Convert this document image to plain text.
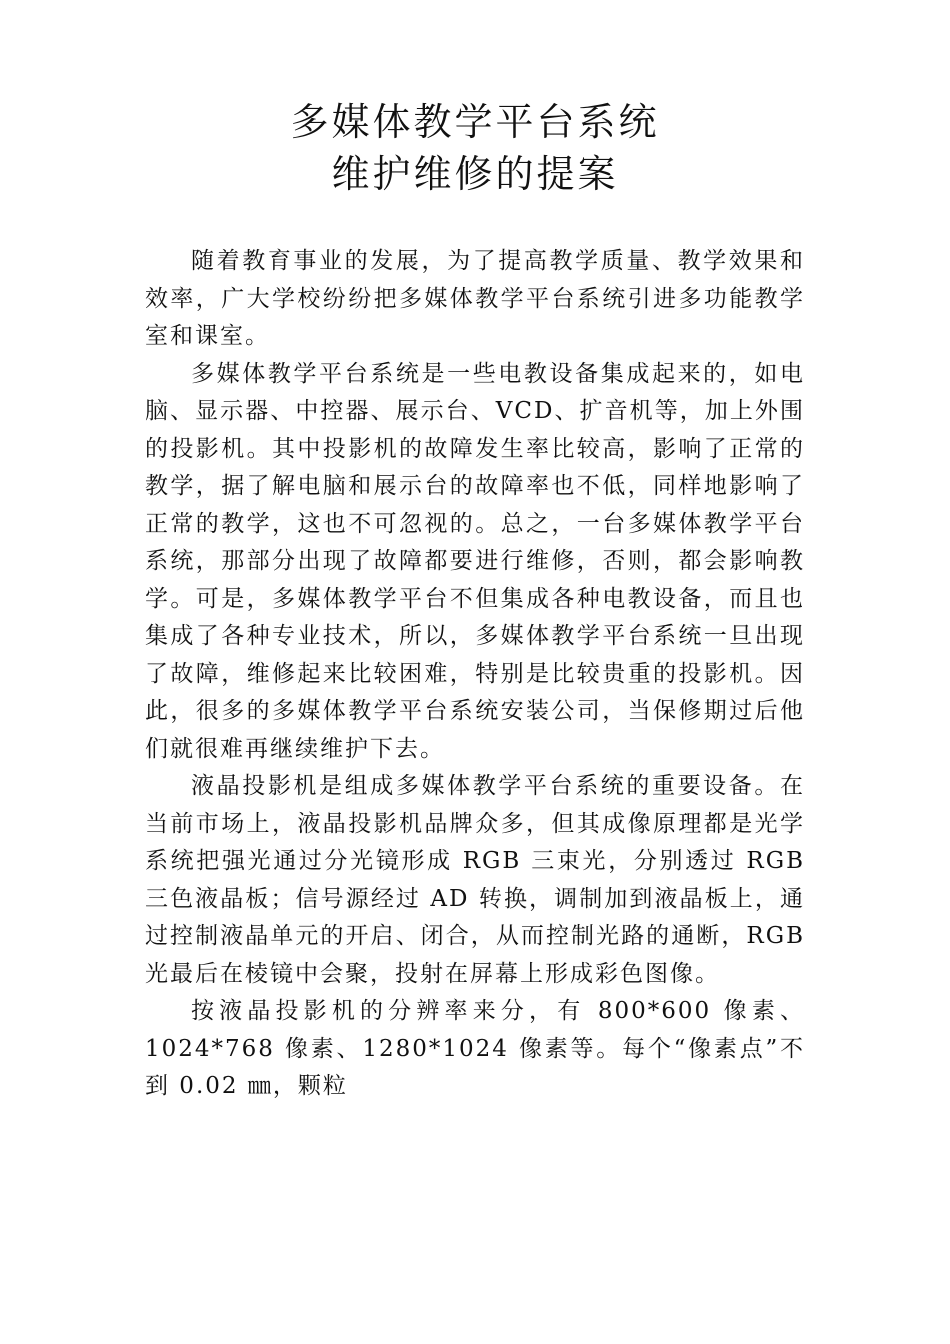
多媒体教学平台系统
维护维修的提案

随着教育事业的发展，为了提高教学质量、教学效果和效率，广大学校纷纷把多媒体教学平台系统引进多功能教学室和课室。

多媒体教学平台系统是一些电教设备集成起来的，如电脑、显示器、中控器、展示台、VCD、扩音机等，加上外围的投影机。其中投影机的故障发生率比较高，影响了正常的教学，据了解电脑和展示台的故障率也不低，同样地影响了正常的教学，这也不可忽视的。总之，一台多媒体教学平台系统，那部分出现了故障都要进行维修，否则，都会影响教学。可是，多媒体教学平台不但集成各种电教设备，而且也集成了各种专业技术，所以，多媒体教学平台系统一旦出现了故障，维修起来比较困难，特别是比较贵重的投影机。因此，很多的多媒体教学平台系统安装公司，当保修期过后他们就很难再继续维护下去。

液晶投影机是组成多媒体教学平台系统的重要设备。在当前市场上，液晶投影机品牌众多，但其成像原理都是光学系统把强光通过分光镜形成 RGB 三束光，分别透过 RGB 三色液晶板；信号源经过 AD 转换，调制加到液晶板上，通过控制液晶单元的开启、闭合，从而控制光路的通断，RGB 光最后在棱镜中会聚，投射在屏幕上形成彩色图像。

按液晶投影机的分辨率来分，有 800*600 像素、1024*768 像素、1280*1024 像素等。每个“像素点”不到 0.02 ㎜，颗粒
